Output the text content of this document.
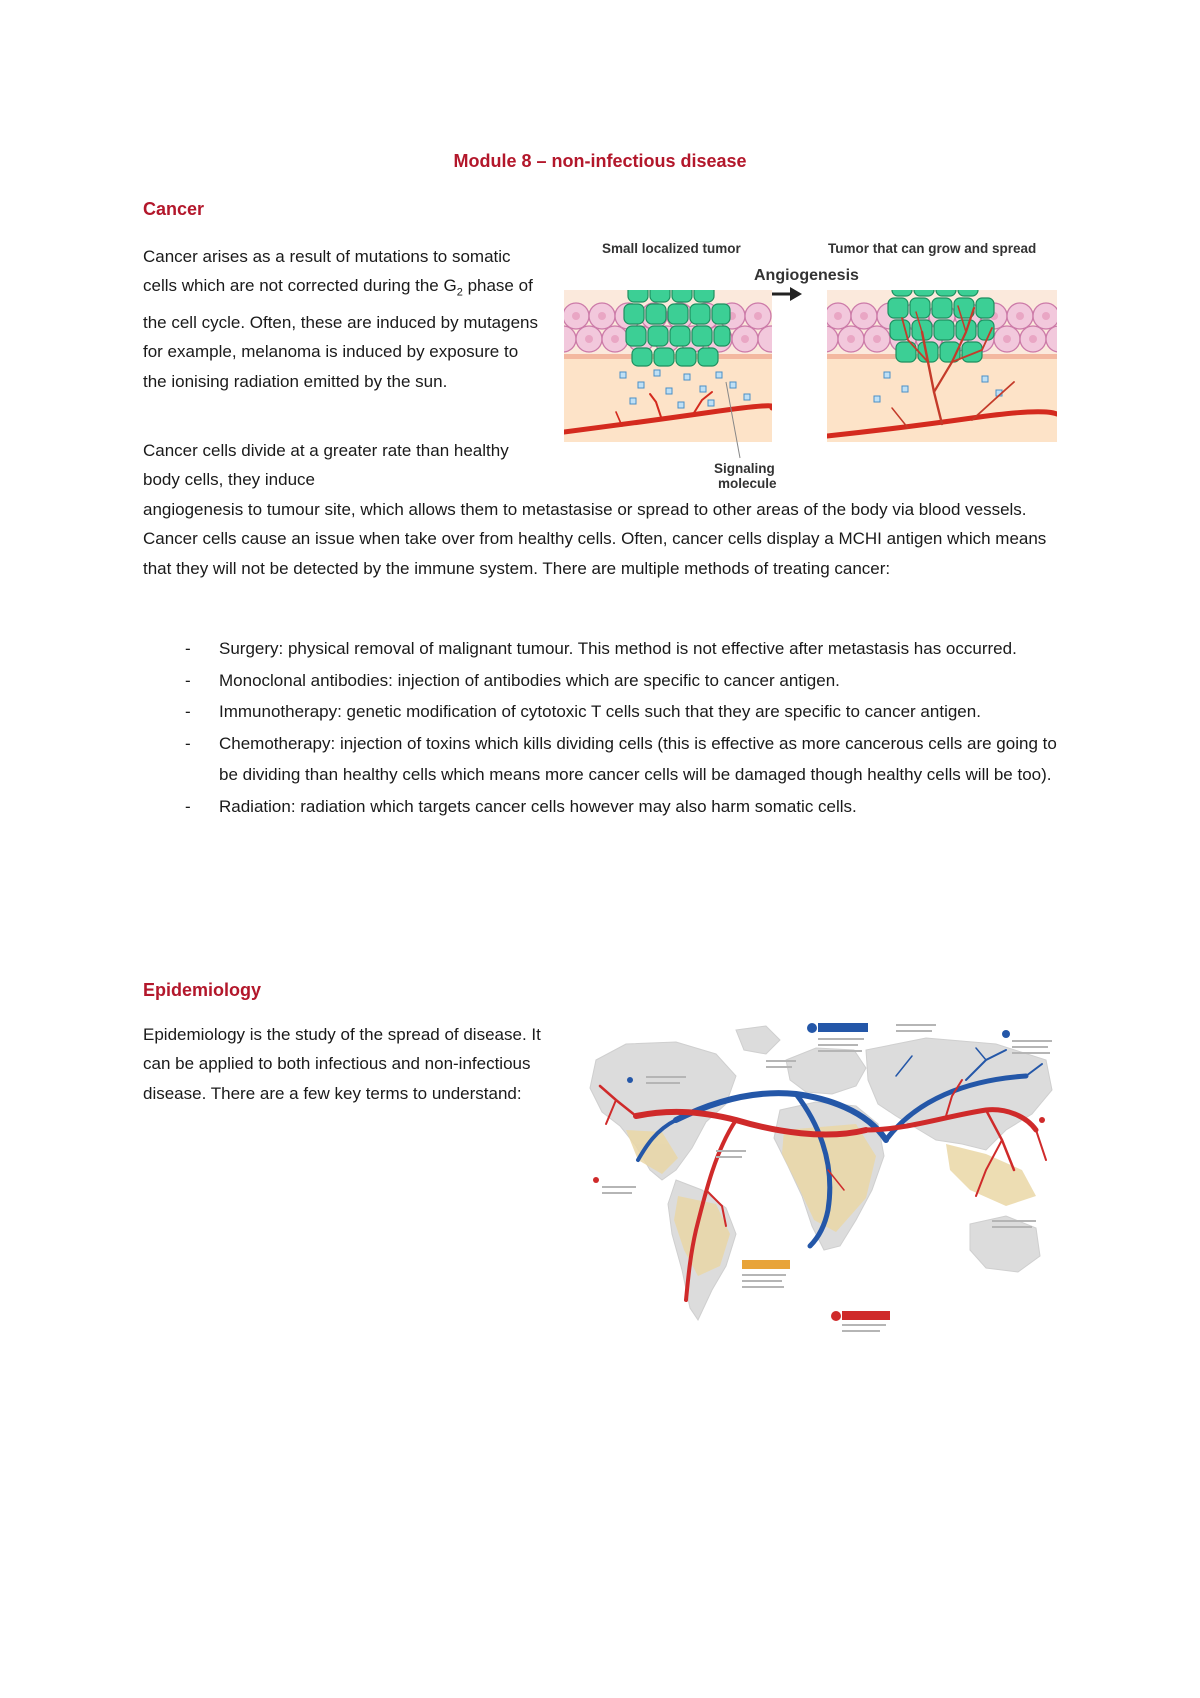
Module 8 – non-infectious disease
Cancer

Cancer arises as a result of mutations to somatic cells which are not corrected during the $G_2$ phase of the cell cycle. Often, these are induced by mutagens for example, melanoma is induced by exposure to the ionising radiation emitted by the sun.

Cancer cells divide at a greater rate than healthy body cells, they induce

angiogenesis to tumour site, which allows them to metastasise or spread to other areas of the body via blood vessels. Cancer cells cause an issue when take over from healthy cells. Often, cancer cells display a MCHI antigen which means that they will not be detected by the immune system. There are multiple methods of treating cancer:

- Surgery: physical removal of malignant tumour. This method is not effective after metastasis has occurred.
- Monoclonal antibodies: injection of antibodies which are specific to cancer antigen.
- Immunotherapy: genetic modification of cytotoxic T cells such that they are specific to cancer antigen.
- Chemotherapy: injection of toxins which kills dividing cells (this is effective as more cancerous cells are going to be dividing than healthy cells which means more cancer cells will be damaged though healthy cells will be too).
- Radiation: radiation which targets cancer cells however may also harm somatic cells.
Small localized tumor	Tumor that can grow and spread
Angiogenesis
Signaling
molecule
Epidemiology

Epidemiology is the study of the spread of disease. It can be applied to both infectious and non-infectious disease. There are a few key terms to understand:
